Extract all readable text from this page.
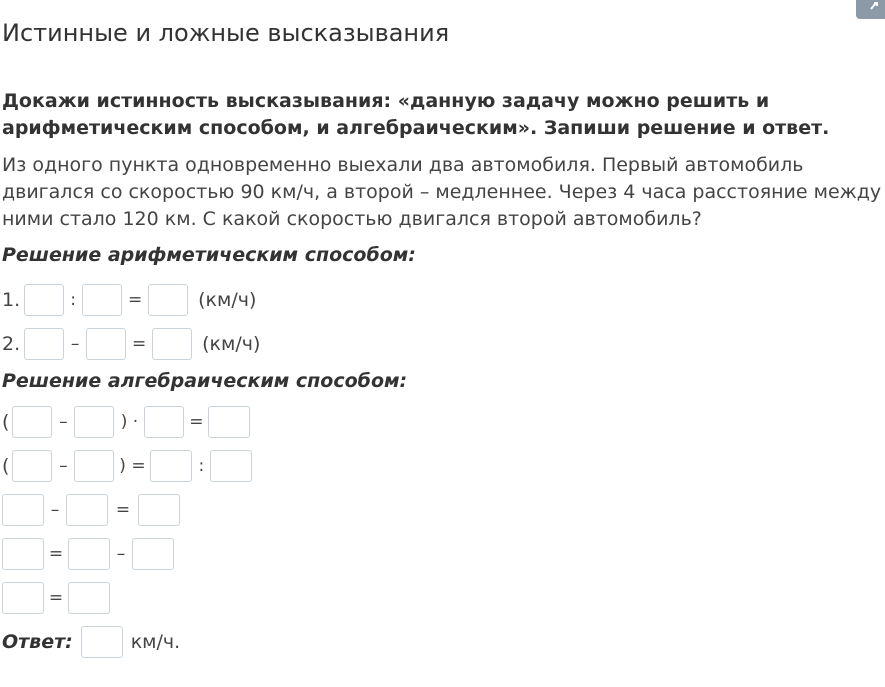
Истинные и ложные высказывания

Докажи истинность высказывания: «данную задачу можно решить и арифметическим способом, и алгебраическим». Запиши решение и ответ.

Из одного пункта одновременно выехали два автомобиля. Первый автомобиль двигался со скоростью 90 км/ч, а второй – медленнее. Через 4 часа расстояние между ними стало 120 км. С какой скоростью двигался второй автомобиль?

Решение арифметическим способом:

1.	:	=	(км/ч)
2.	–	=	(км/ч)

Решение алгебраическим способом:

(	–	) ·	=
(	–	) =	:
–	=
=	–
=
Ответ:	км/ч.
